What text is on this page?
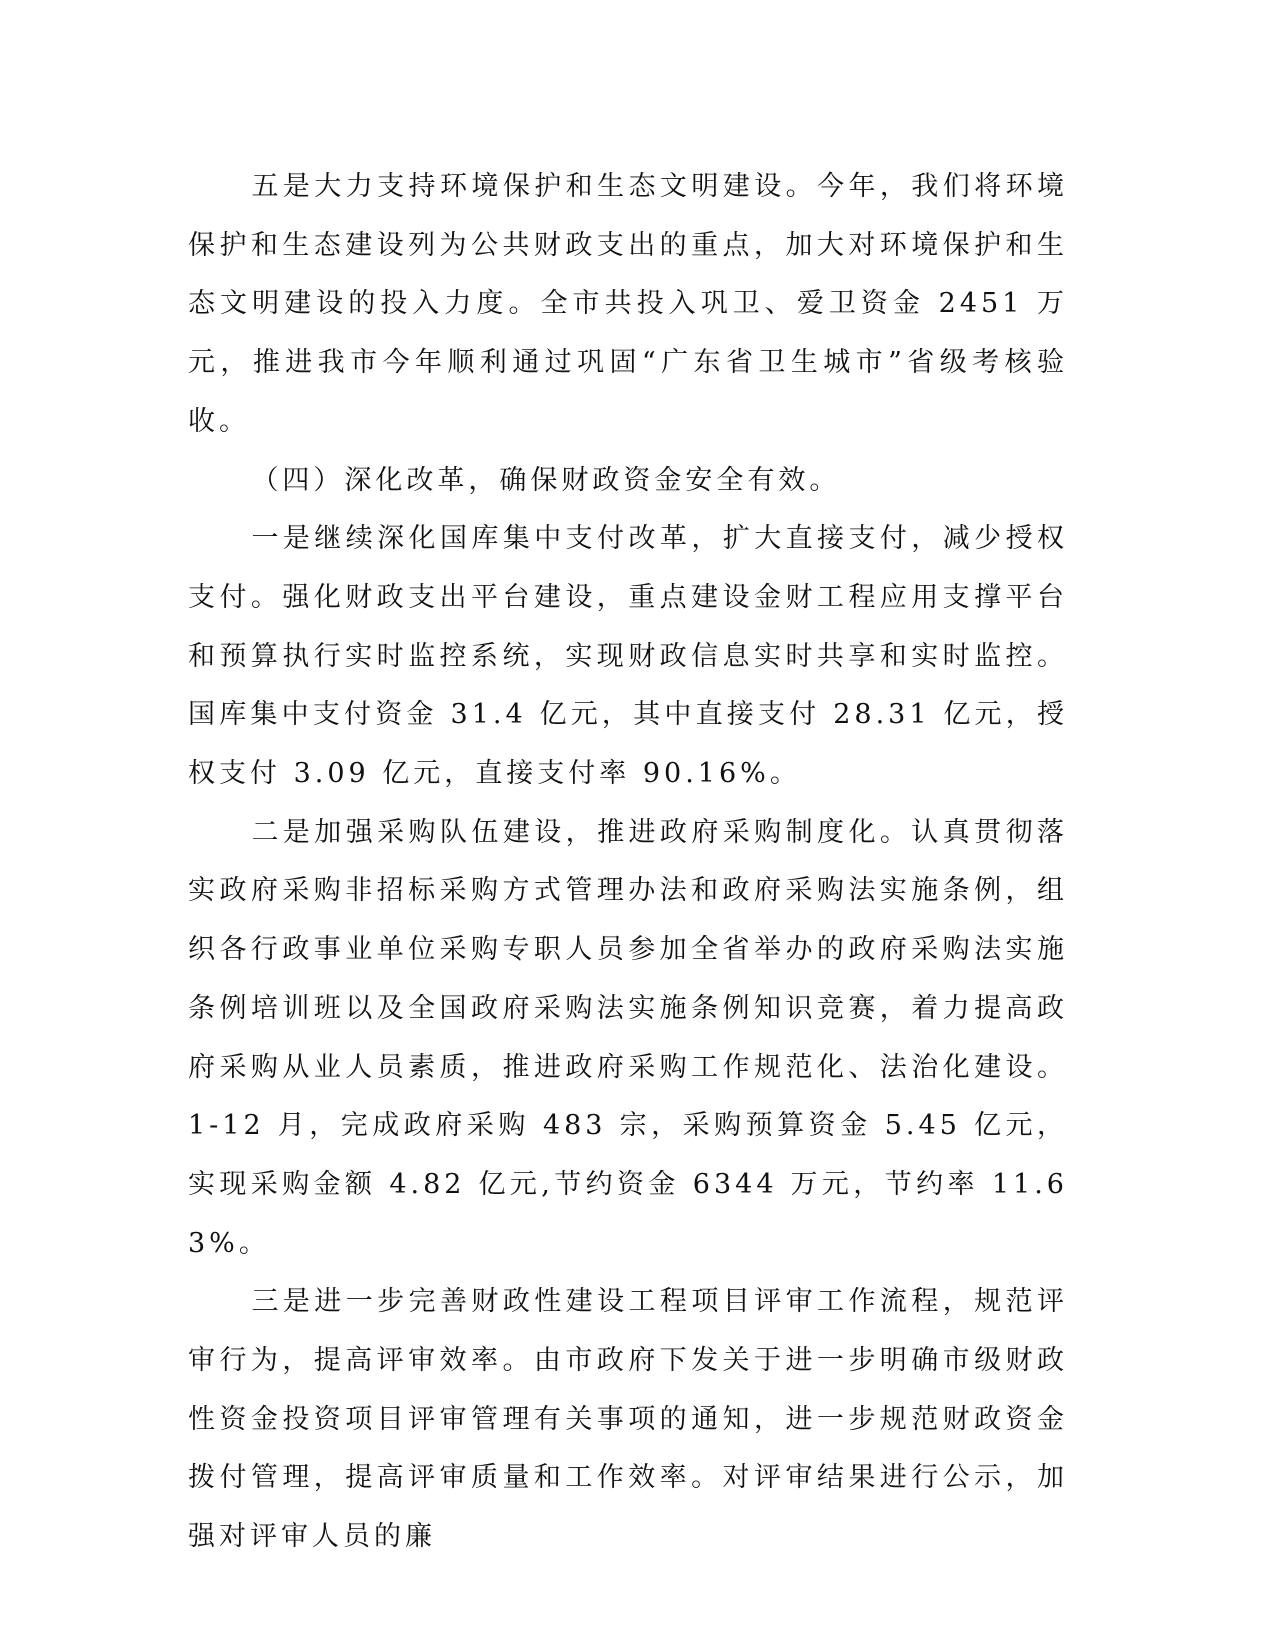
五是大力支持环境保护和生态文明建设。今年，我们将环境保护和生态建设列为公共财政支出的重点，加大对环境保护和生态文明建设的投入力度。全市共投入巩卫、爱卫资金 2451 万元，推进我市今年顺利通过巩固“广东省卫生城市”省级考核验收。

（四）深化改革，确保财政资金安全有效。

一是继续深化国库集中支付改革，扩大直接支付，减少授权支付。强化财政支出平台建设，重点建设金财工程应用支撑平台和预算执行实时监控系统，实现财政信息实时共享和实时监控。国库集中支付资金 31.4 亿元，其中直接支付 28.31 亿元，授权支付 3.09 亿元，直接支付率 90.16%。

二是加强采购队伍建设，推进政府采购制度化。认真贯彻落实政府采购非招标采购方式管理办法和政府采购法实施条例，组织各行政事业单位采购专职人员参加全省举办的政府采购法实施条例培训班以及全国政府采购法实施条例知识竞赛，着力提高政府采购从业人员素质，推进政府采购工作规范化、法治化建设。1-12 月，完成政府采购 483 宗，采购预算资金 5.45 亿元，实现采购金额 4.82 亿元,节约资金 6344 万元，节约率 11.63%。

三是进一步完善财政性建设工程项目评审工作流程，规范评审行为，提高评审效率。由市政府下发关于进一步明确市级财政性资金投资项目评审管理有关事项的通知，进一步规范财政资金拨付管理，提高评审质量和工作效率。对评审结果进行公示，加强对评审人员的廉
